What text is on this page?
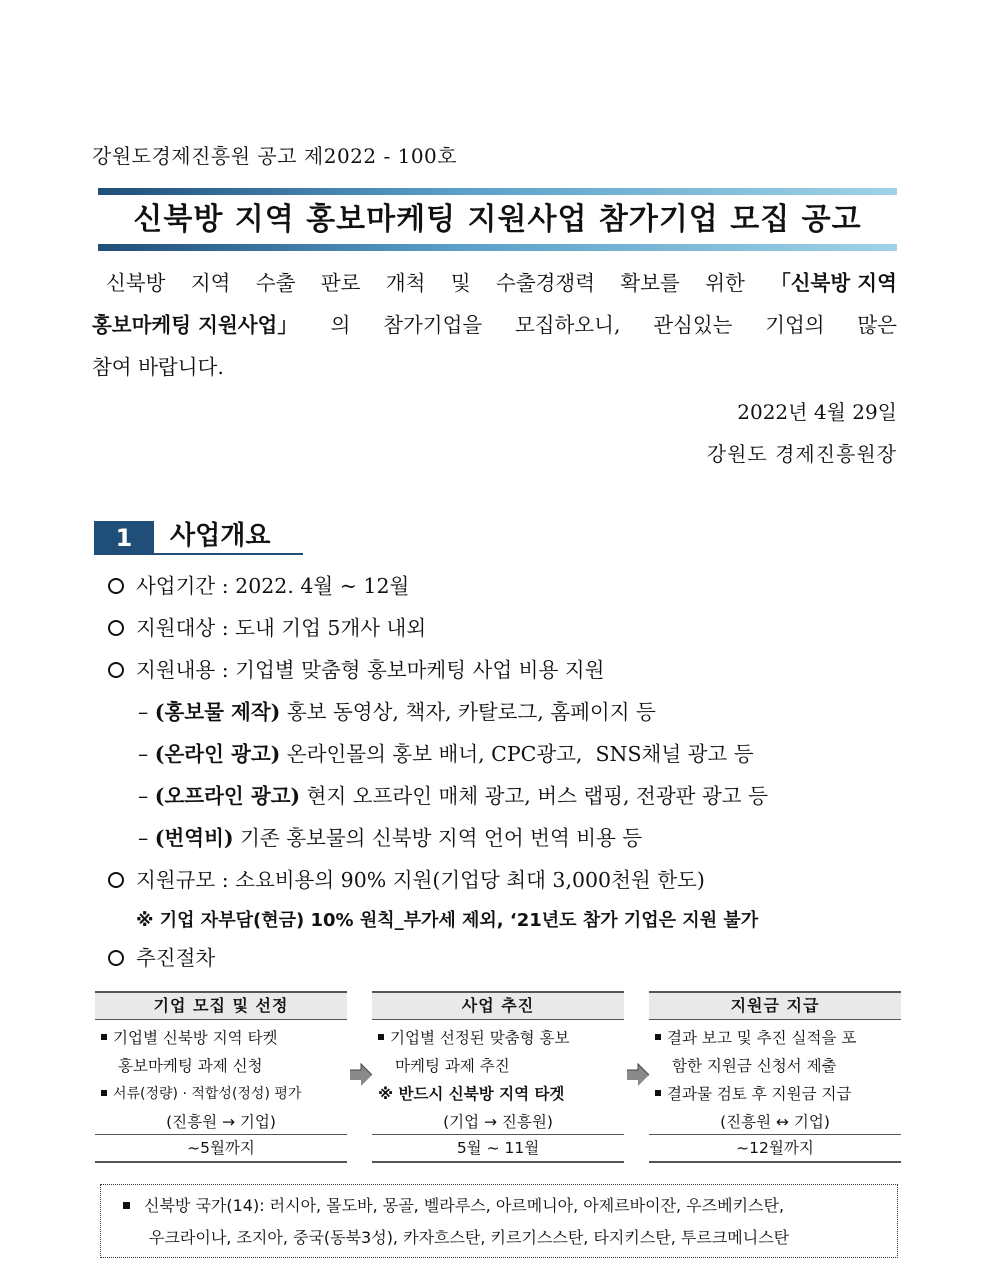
강원도경제진흥원 공고 제2022 - 100호
신북방 지역 홍보마케팅 지원사업 참가기업 모집 공고
신북방 지역 수출 판로 개척 및 수출경쟁력 확보를 위한 「신북방 지역
홍보마케팅 지원사업」 의 참가기업을 모집하오니, 관심있는 기업의 많은
참여 바랍니다.
2022년 4월 29일
강원도 경제진흥원장
1	사업개요
사업기간 : 2022. 4월 ~ 12월
지원대상 : 도내 기업 5개사 내외
지원내용 : 기업별 맞춤형 홍보마케팅 사업 비용 지원
– (홍보물 제작) 홍보 동영상, 책자, 카탈로그, 홈페이지 등
– (온라인 광고) 온라인몰의 홍보 배너, CPC광고,  SNS채널 광고 등
– (오프라인 광고) 현지 오프라인 매체 광고, 버스 랩핑, 전광판 광고 등
– (번역비) 기존 홍보물의 신북방 지역 언어 번역 비용 등
지원규모 : 소요비용의 90% 지원(기업당 최대 3,000천원 한도)
※ 기업 자부담(현금) 10% 원칙_부가세 제외, ‘21년도 참가 기업은 지원 불가
추진절차
기업 모집 및 선정
기업별 신북방 지역 타켓
홍보마케팅 과제 신청
서류(정량) · 적합성(정성) 평가
(진흥원 → 기업)
~5월까지
사업 추진
기업별 선정된 맞춤형 홍보
마케팅 과제 추진
※ 반드시 신북방 지역 타겟
(기업 → 진흥원)
5월 ~ 11월
지원금 지급
결과 보고 및 추진 실적을 포
함한 지원금 신청서 제출
결과물 검토 후 지원금 지급
(진흥원 ↔ 기업)
~12월까지
신북방 국가(14): 러시아, 몰도바, 몽골, 벨라루스, 아르메니아, 아제르바이잔, 우즈베키스탄,
우크라이나, 조지아, 중국(동북3성), 카자흐스탄, 키르기스스탄, 타지키스탄, 투르크메니스탄
